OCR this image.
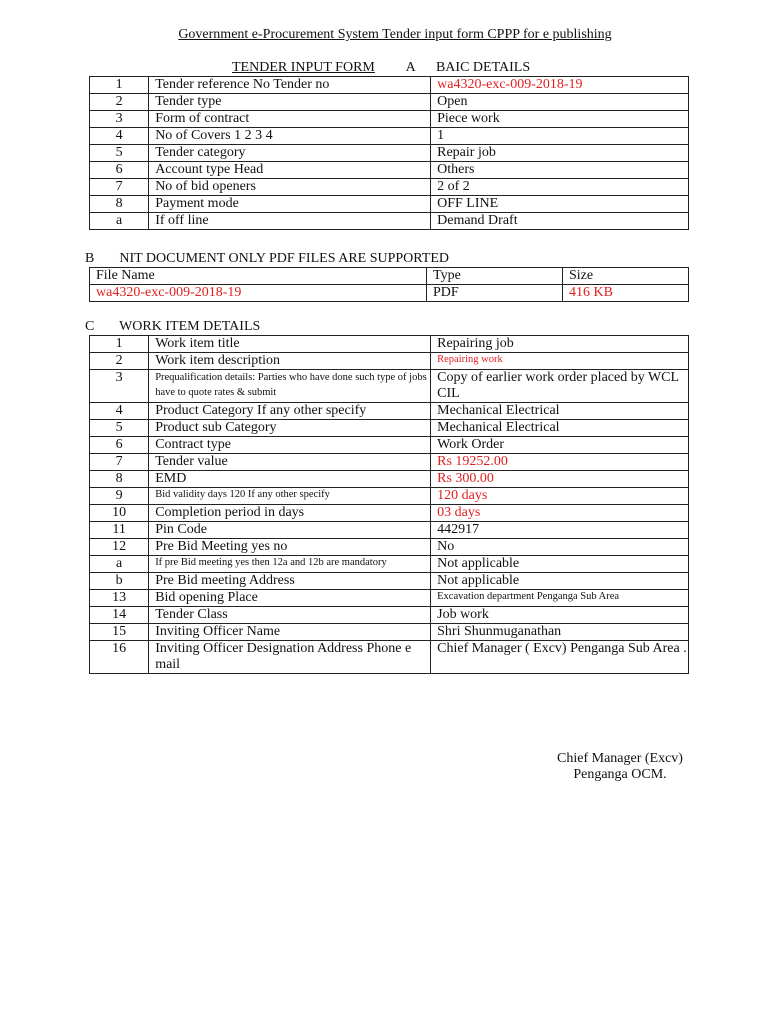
Government e-Procurement System Tender input form CPPP for e publishing
TENDER INPUT FORM A BAIC DETAILS
1	Tender reference No Tender no	wa4320-exc-009-2018-19
2	Tender type	Open
3	Form of contract	Piece work
4	No of Covers 1 2 3 4	1
5	Tender category	Repair job
6	Account type Head	Others
7	No of bid openers	2 of 2
8	Payment mode	OFF LINE
a	If off line	Demand Draft
B NIT DOCUMENT ONLY PDF FILES ARE SUPPORTED
File Name	Type	Size
wa4320-exc-009-2018-19	PDF	416 KB
C WORK ITEM DETAILS
1	Work item title	Repairing job
2	Work item description	Repairing work
3	Prequalification details: Parties who have done such type of jobs have to quote rates & submit	Copy of earlier work order placed by WCL CIL
4	Product Category If any other specify	Mechanical Electrical
5	Product sub Category	Mechanical Electrical
6	Contract type	Work Order
7	Tender value	Rs 19252.00
8	EMD	Rs 300.00
9	Bid validity days 120 If any other specify	120 days
10	Completion period in days	03 days
11	Pin Code	442917
12	Pre Bid Meeting yes no	No
a	If pre Bid meeting yes then 12a and 12b are mandatory	Not applicable
b	Pre Bid meeting Address	Not applicable
13	Bid opening Place	Excavation department Penganga Sub Area
14	Tender Class	Job work
15	Inviting Officer Name	Shri Shunmuganathan
16	Inviting Officer Designation Address Phone e mail	Chief Manager ( Excv) Penganga Sub Area .
Chief Manager (Excv)
Penganga OCM.
